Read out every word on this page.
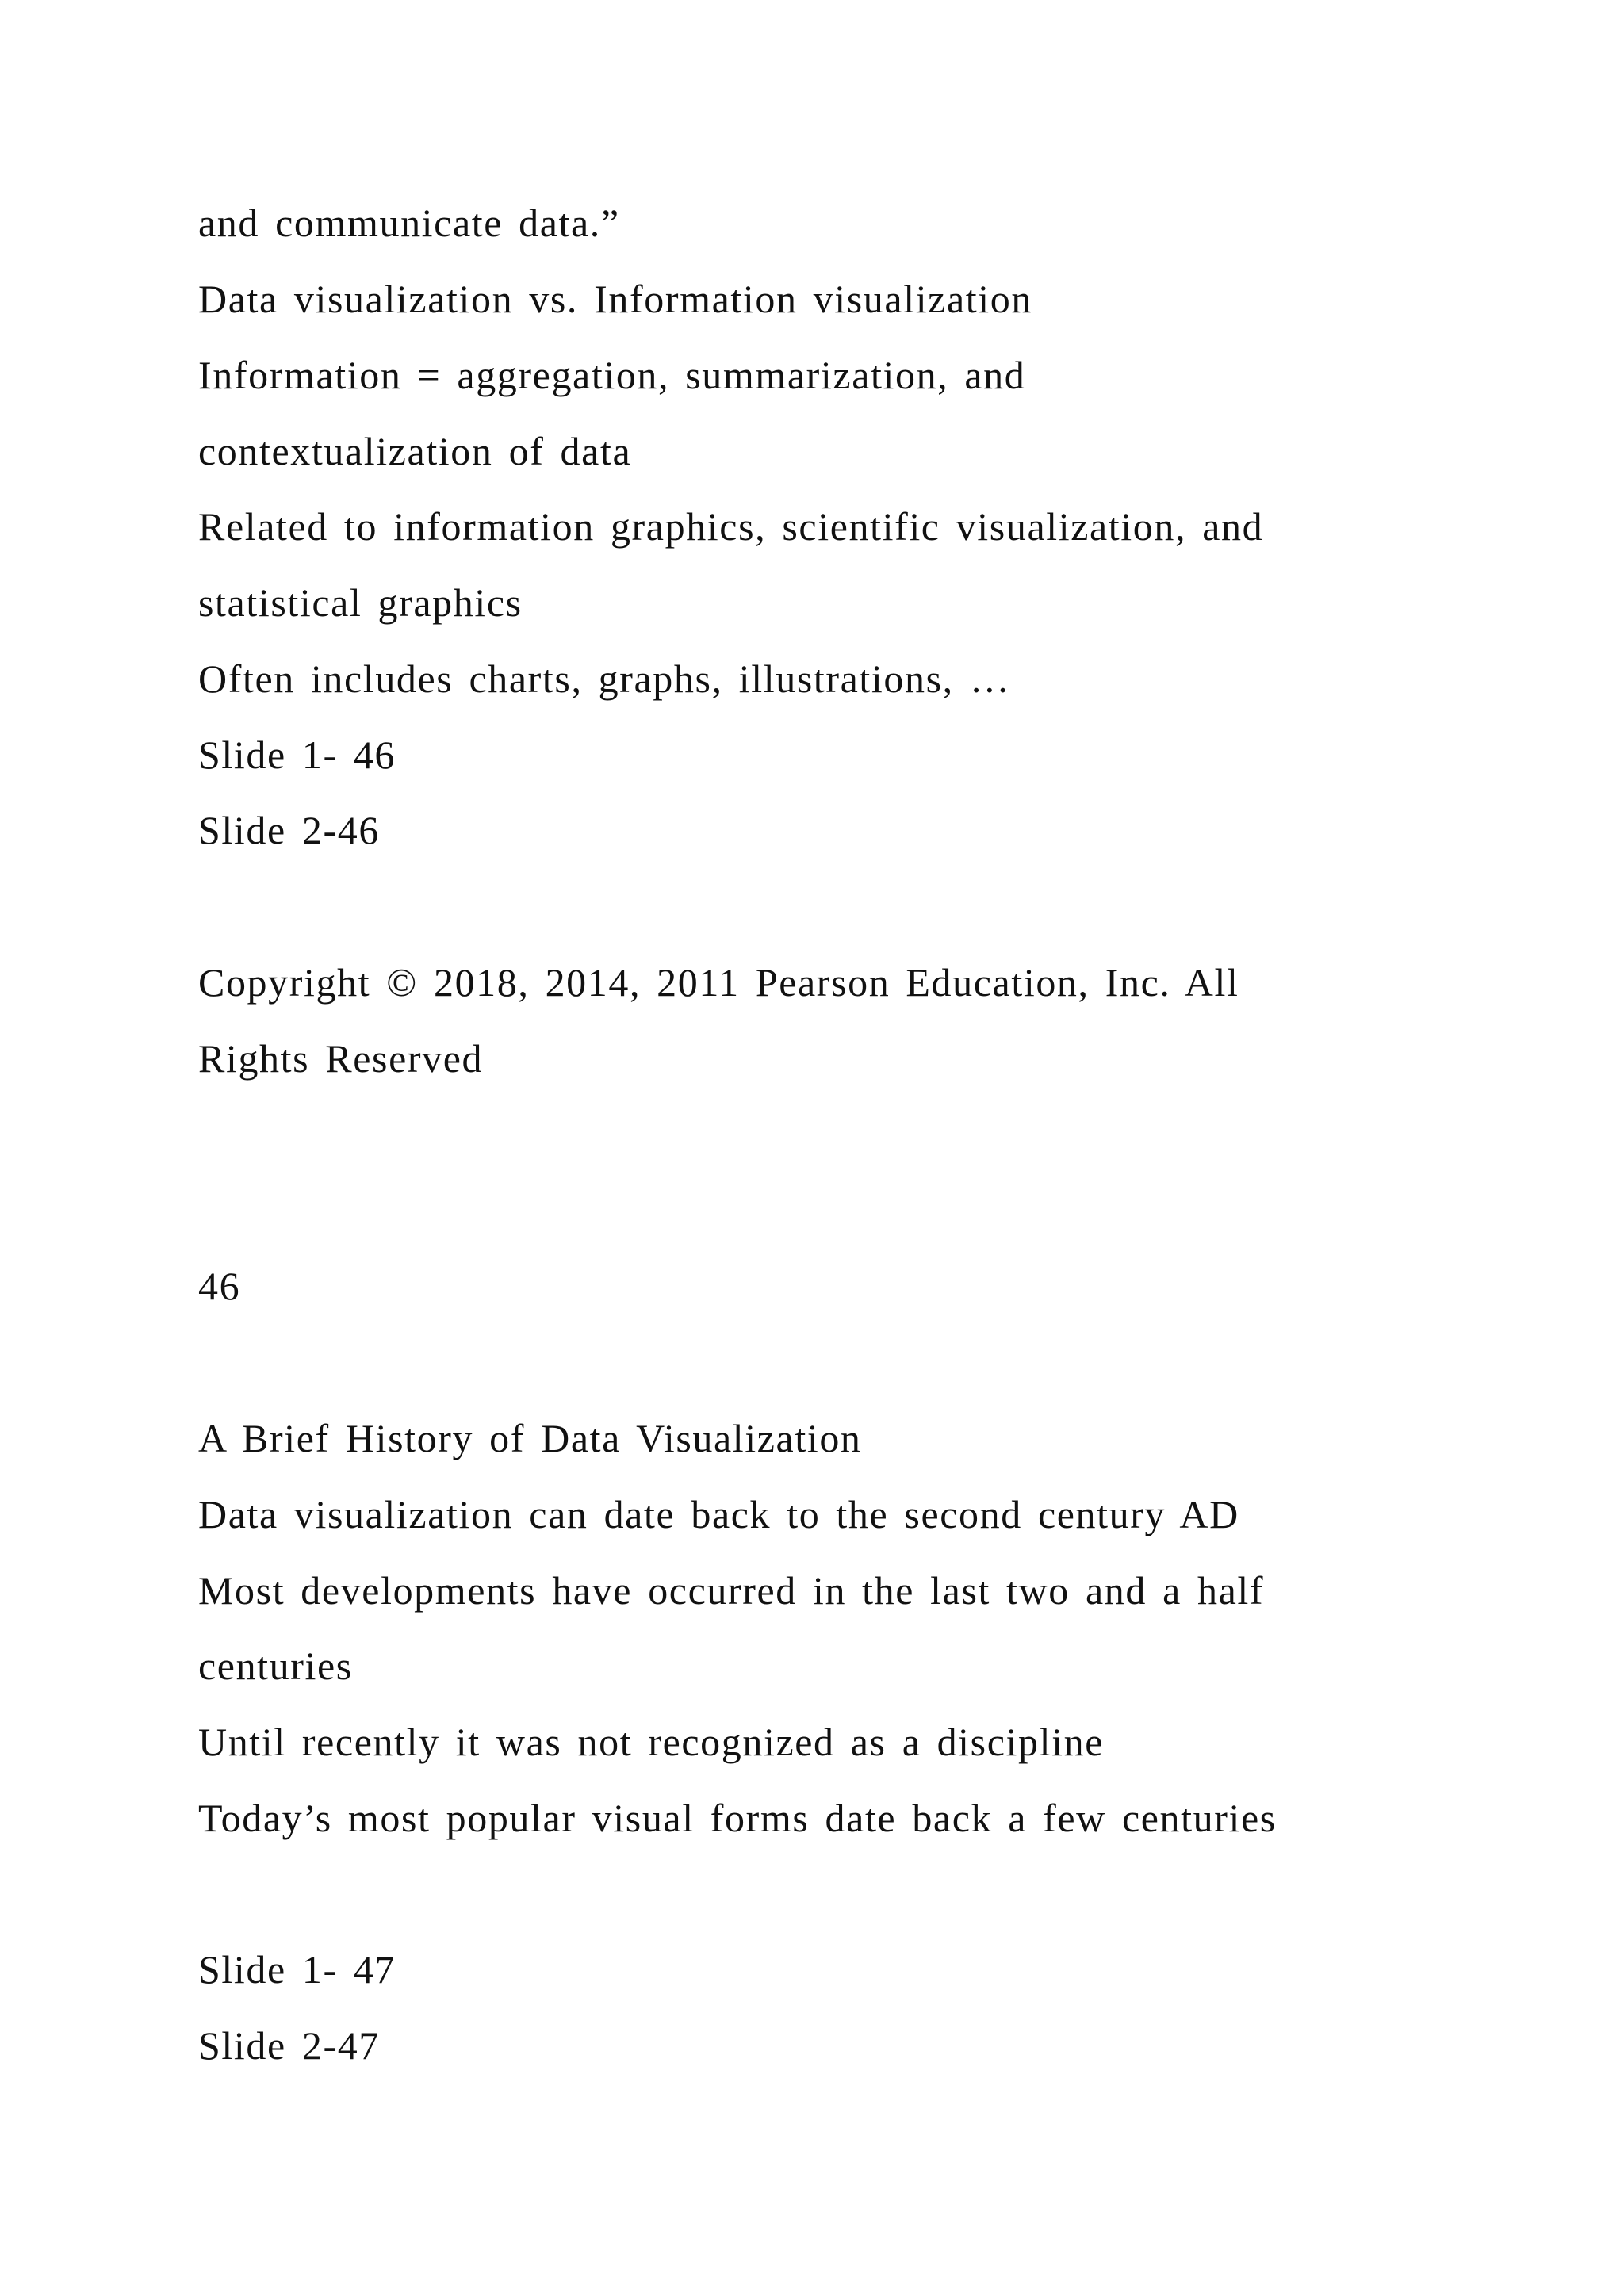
and communicate data.”

Data visualization vs. Information visualization

Information = aggregation, summarization, and

contextualization of data

Related to information graphics, scientific visualization, and

statistical graphics

Often includes charts, graphs, illustrations, …

Slide 1- 46

Slide 2-46

Copyright © 2018, 2014, 2011 Pearson Education, Inc. All

Rights Reserved

46

A Brief History of Data Visualization

Data visualization can date back to the second century AD

Most developments have occurred in the last two and a half

centuries

Until recently it was not recognized as a discipline

Today’s most popular visual forms date back a few centuries

Slide 1- 47

Slide 2-47
